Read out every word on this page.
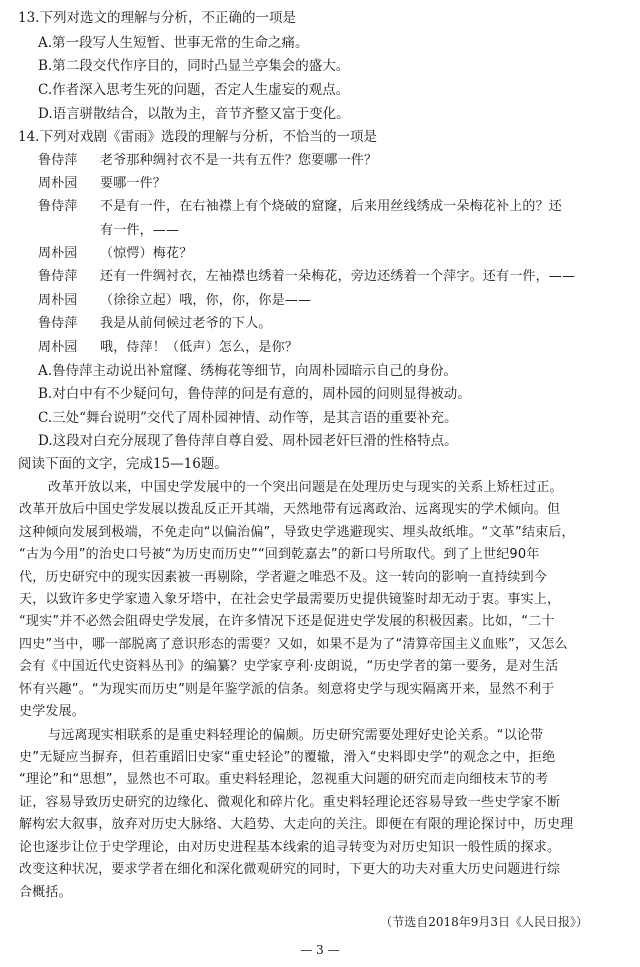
13.下列对选文的理解与分析，不正确的一项是
A.第一段写人生短暂、世事无常的生命之痛。
B.第二段交代作序目的，同时凸显兰亭集会的盛大。
C.作者深入思考生死的问题，否定人生虚妄的观点。
D.语言骈散结合，以散为主，音节齐整又富于变化。
14.下列对戏剧《雷雨》选段的理解与分析，不恰当的一项是
鲁侍萍	老爷那种绸衬衣不是一共有五件？您要哪一件？
周朴园	要哪一件？
鲁侍萍	不是有一件，在右袖襟上有个烧破的窟窿，后来用丝线绣成一朵梅花补上的？还
有一件，——
周朴园	（惊愕）梅花？
鲁侍萍	还有一件绸衬衣，左袖襟也绣着一朵梅花，旁边还绣着一个萍字。还有一件，——
周朴园	（徐徐立起）哦，你，你，你是——
鲁侍萍	我是从前伺候过老爷的下人。
周朴园	哦，侍萍！（低声）怎么，是你？
A.鲁侍萍主动说出补窟窿、绣梅花等细节，向周朴园暗示自己的身份。
B.对白中有不少疑问句，鲁侍萍的问是有意的，周朴园的问则显得被动。
C.三处“舞台说明”交代了周朴园神情、动作等，是其言语的重要补充。
D.这段对白充分展现了鲁侍萍自尊自爱、周朴园老奸巨滑的性格特点。
阅读下面的文字，完成15—16题。
改革开放以来，中国史学发展中的一个突出问题是在处理历史与现实的关系上矫枉过正。
改革开放后中国史学发展以拨乱反正开其端，天然地带有远离政治、远离现实的学术倾向。但
这种倾向发展到极端，不免走向“以偏治偏”，导致史学逃避现实、埋头故纸堆。“文革”结束后，
“古为今用”的治史口号被“为历史而历史”“回到乾嘉去”的新口号所取代。到了上世纪90年
代，历史研究中的现实因素被一再剔除，学者避之唯恐不及。这一转向的影响一直持续到今
天，以致许多史学家遗入象牙塔中，在社会史学最需要历史提供镜鉴时却无动于衷。事实上，
“现实”并不必然会阻碍史学发展，在许多情况下还是促进史学发展的积极因素。比如，“二十
四史”当中，哪一部脱离了意识形态的需要？又如，如果不是为了“清算帝国主义血账”，又怎么
会有《中国近代史资料丛刊》的编纂？史学家亨利·皮朗说，“历史学者的第一要务，是对生活
怀有兴趣”。“为现实而历史”则是年鉴学派的信条。刻意将史学与现实隔离开来，显然不利于
史学发展。
与远离现实相联系的是重史料轻理论的偏颇。历史研究需要处理好史论关系。“以论带
史”无疑应当摒弃，但若重蹈旧史家“重史轻论”的覆辙，滑入“史料即史学”的观念之中，拒绝
“理论”和“思想”，显然也不可取。重史料轻理论，忽视重大问题的研究而走向细枝末节的考
证，容易导致历史研究的边缘化、微观化和碎片化。重史料轻理论还容易导致一些史学家不断
解构宏大叙事，放弃对历史大脉络、大趋势、大走向的关注。即便在有限的理论探讨中，历史理
论也逐步让位于史学理论，由对历史进程基本线索的追寻转变为对历史知识一般性质的探求。
改变这种状况，要求学者在细化和深化微观研究的同时，下更大的功夫对重大历史问题进行综
合概括。
（节选自2018年9月3日《人民日报》）
— 3 —
